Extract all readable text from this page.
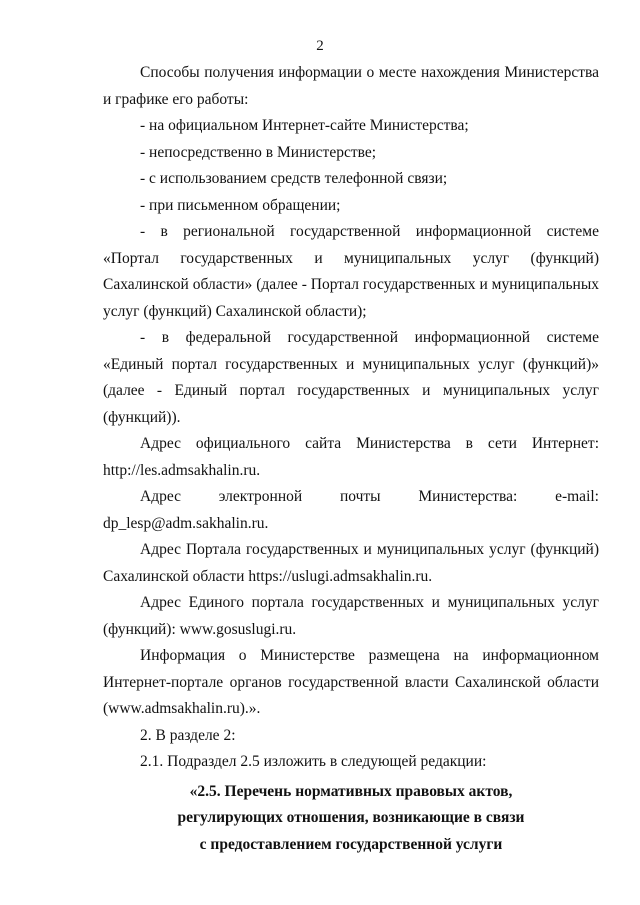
2

Способы получения информации о месте нахождения Министерства и графике его работы:

- на официальном Интернет-сайте Министерства;

- непосредственно в Министерстве;

- с использованием средств телефонной связи;

- при письменном обращении;

- в региональной государственной информационной системе «Портал государственных и муниципальных услуг (функций) Сахалинской области» (далее - Портал государственных и муниципальных услуг (функций) Сахалинской области);

- в федеральной государственной информационной системе «Единый портал государственных и муниципальных услуг (функций)» (далее - Единый портал государственных и муниципальных услуг (функций)).

Адрес официального сайта Министерства в сети Интернет: http://les.admsakhalin.ru.

Адрес электронной почты Министерства: e-mail: dp_lesp@adm.sakhalin.ru.

Адрес Портала государственных и муниципальных услуг (функций) Сахалинской области https://uslugi.admsakhalin.ru.

Адрес Единого портала государственных и муниципальных услуг (функций): www.gosuslugi.ru.

Информация о Министерстве размещена на информационном Интернет-портале органов государственной власти Сахалинской области (www.admsakhalin.ru).».

2. В разделе 2:

2.1. Подраздел 2.5 изложить в следующей редакции:

«2.5. Перечень нормативных правовых актов,

регулирующих отношения, возникающие в связи

с предоставлением государственной услуги
